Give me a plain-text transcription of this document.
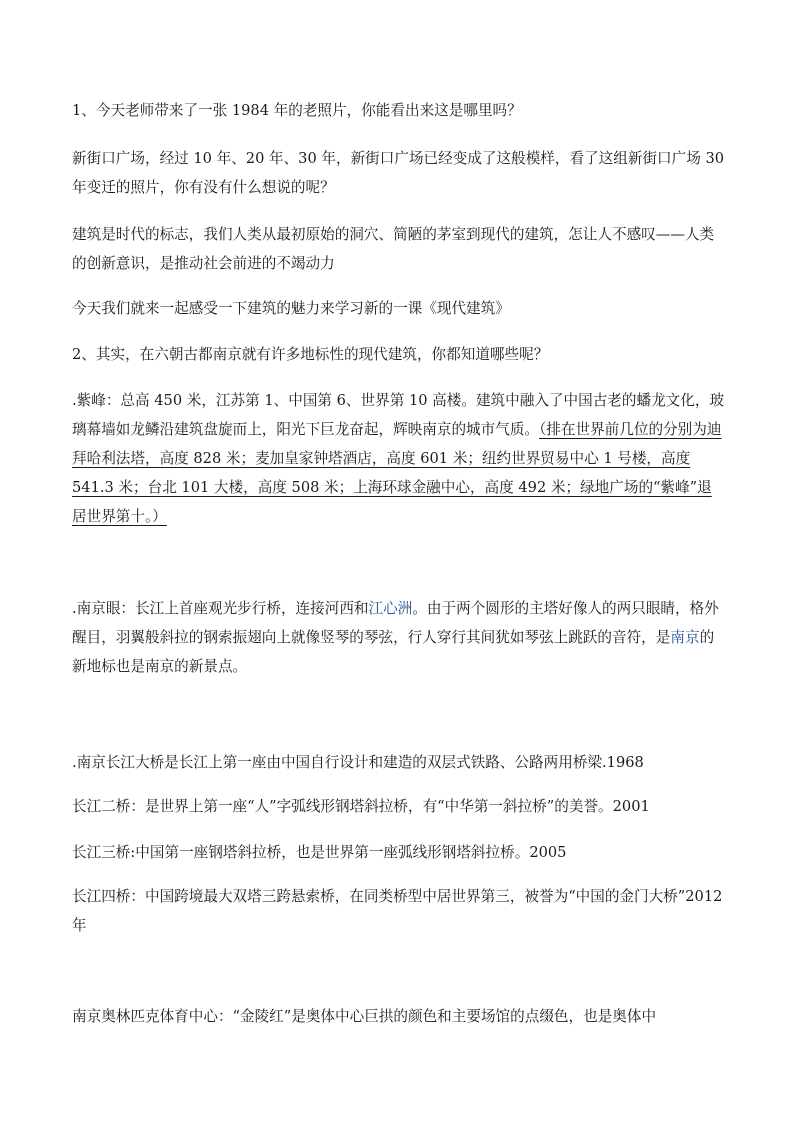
1、今天老师带来了一张 1984 年的老照片，你能看出来这是哪里吗？

新街口广场，经过 10 年、20 年、30 年，新街口广场已经变成了这般模样，看了这组新街口广场 30 年变迁的照片，你有没有什么想说的呢？

建筑是时代的标志，我们人类从最初原始的洞穴、简陋的茅室到现代的建筑，怎让人不感叹——人类的创新意识，是推动社会前进的不竭动力

今天我们就来一起感受一下建筑的魅力来学习新的一课《现代建筑》

2、其实，在六朝古都南京就有许多地标性的现代建筑，你都知道哪些呢？

.紫峰：总高 450 米，江苏第 1、中国第 6、世界第 10 高楼。建筑中融入了中国古老的蟠龙文化，玻璃幕墙如龙鳞沿建筑盘旋而上，阳光下巨龙奋起，辉映南京的城市气质。（排在世界前几位的分别为迪拜哈利法塔，高度 828 米；麦加皇家钟塔酒店，高度 601 米；纽约世界贸易中心 1 号楼，高度 541.3 米；台北 101 大楼，高度 508 米；上海环球金融中心，高度 492 米；绿地广场的“紫峰”退居世界第十。）

.南京眼：长江上首座观光步行桥，连接河西和江心洲。由于两个圆形的主塔好像人的两只眼睛，格外醒目，羽翼般斜拉的钢索振翅向上就像竖琴的琴弦，行人穿行其间犹如琴弦上跳跃的音符，是南京的新地标也是南京的新景点。

.南京长江大桥是长江上第一座由中国自行设计和建造的双层式铁路、公路两用桥梁.1968

长江二桥：是世界上第一座“人”字弧线形钢塔斜拉桥，有“中华第一斜拉桥”的美誉。2001

长江三桥:中国第一座钢塔斜拉桥，也是世界第一座弧线形钢塔斜拉桥。2005

长江四桥：中国跨境最大双塔三跨悬索桥，在同类桥型中居世界第三，被誉为“中国的金门大桥”2012 年

南京奥林匹克体育中心：“金陵红”是奥体中心巨拱的颜色和主要场馆的点缀色，也是奥体中
